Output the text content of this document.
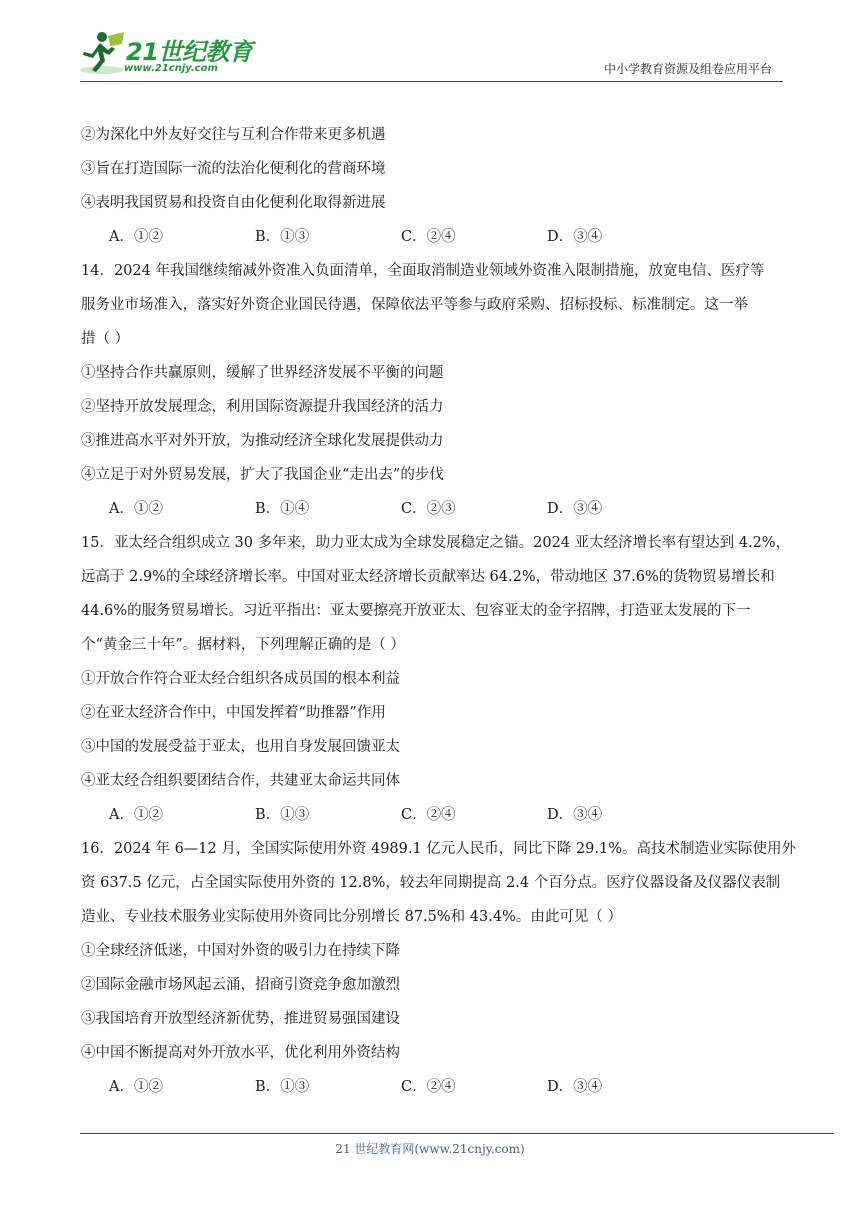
21世纪教育
www.21cnjy.com	中小学教育资源及组卷应用平台
②为深化中外友好交往与互利合作带来更多机遇
③旨在打造国际一流的法治化便利化的营商环境
④表明我国贸易和投资自由化便利化取得新进展
A．①②	B．①③	C．②④	D．③④
14．2024 年我国继续缩减外资准入负面清单，全面取消制造业领域外资准入限制措施，放宽电信、医疗等
服务业市场准入，落实好外资企业国民待遇，保障依法平等参与政府采购、招标投标、标准制定。这一举
措（ ）
①坚持合作共赢原则，缓解了世界经济发展不平衡的问题
②坚持开放发展理念，利用国际资源提升我国经济的活力
③推进高水平对外开放，为推动经济全球化发展提供动力
④立足于对外贸易发展，扩大了我国企业“走出去”的步伐
A．①②	B．①④	C．②③	D．③④
15．亚太经合组织成立 30 多年来，助力亚太成为全球发展稳定之锚。2024 亚太经济增长率有望达到 4.2%，
远高于 2.9%的全球经济增长率。中国对亚太经济增长贡献率达 64.2%，带动地区 37.6%的货物贸易增长和
44.6%的服务贸易增长。习近平指出：亚太要擦亮开放亚太、包容亚太的金字招牌，打造亚太发展的下一
个“黄金三十年”。据材料，下列理解正确的是（ ）
①开放合作符合亚太经合组织各成员国的根本利益
②在亚太经济合作中，中国发挥着“助推器”作用
③中国的发展受益于亚太，也用自身发展回馈亚太
④亚太经合组织要团结合作，共建亚太命运共同体
A．①②	B．①③	C．②④	D．③④
16．2024 年 6—12 月，全国实际使用外资 4989.1 亿元人民币，同比下降 29.1%。高技术制造业实际使用外
资 637.5 亿元，占全国实际使用外资的 12.8%，较去年同期提高 2.4 个百分点。医疗仪器设备及仪器仪表制
造业、专业技术服务业实际使用外资同比分别增长 87.5%和 43.4%。由此可见（ ）
①全球经济低迷，中国对外资的吸引力在持续下降
②国际金融市场风起云涌，招商引资竞争愈加激烈
③我国培育开放型经济新优势，推进贸易强国建设
④中国不断提高对外开放水平，优化利用外资结构
A．①②	B．①③	C．②④	D．③④
21 世纪教育网(www.21cnjy.com)
